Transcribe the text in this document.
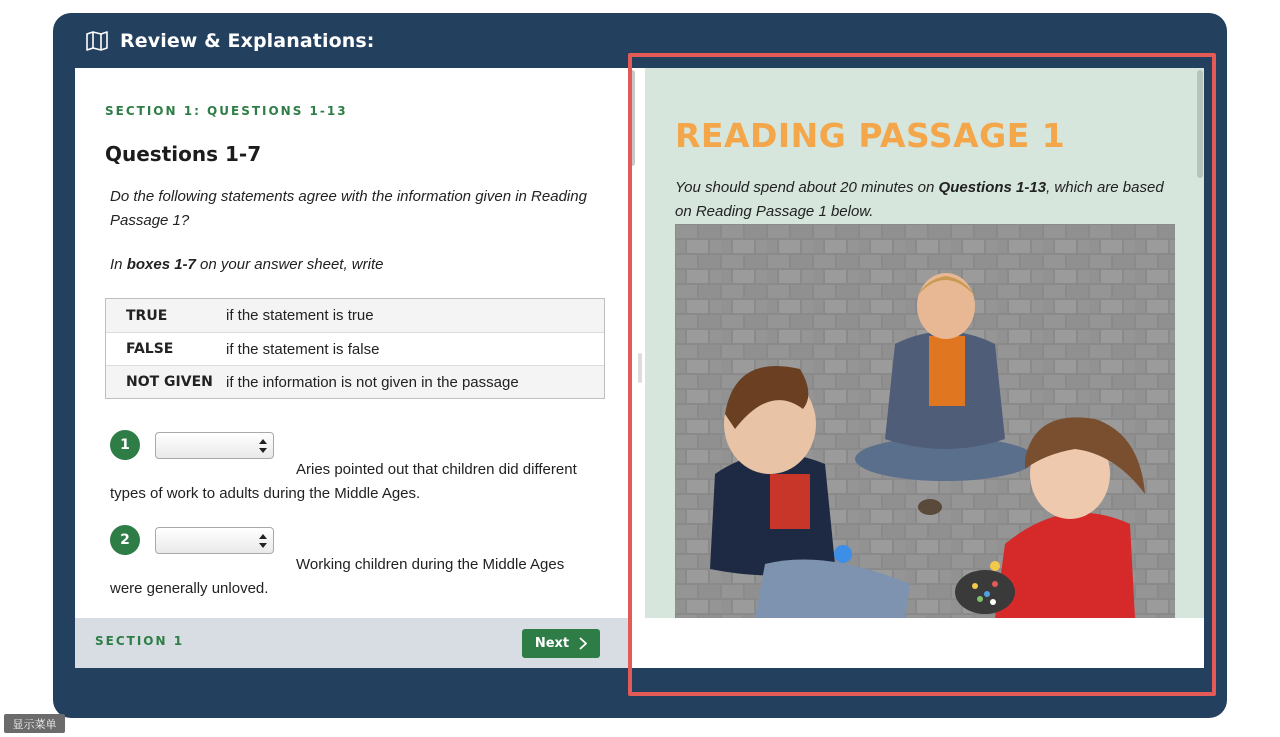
Review & Explanations:
SECTION 1: QUESTIONS 1-13
Questions 1-7
Do the following statements agree with the information given in Reading Passage 1?
In boxes 1-7 on your answer sheet, write
TRUE	if the statement is true
FALSE	if the statement is false
NOT GIVEN if the information is not given in the passage
1
Aries pointed out that children did different types of work to adults during the Middle Ages.
2
Working children during the Middle Ages were generally unloved.
SECTION 1	Next
READING PASSAGE 1
You should spend about 20 minutes on Questions 1-13, which are based on Reading Passage 1 below.
显示菜单
